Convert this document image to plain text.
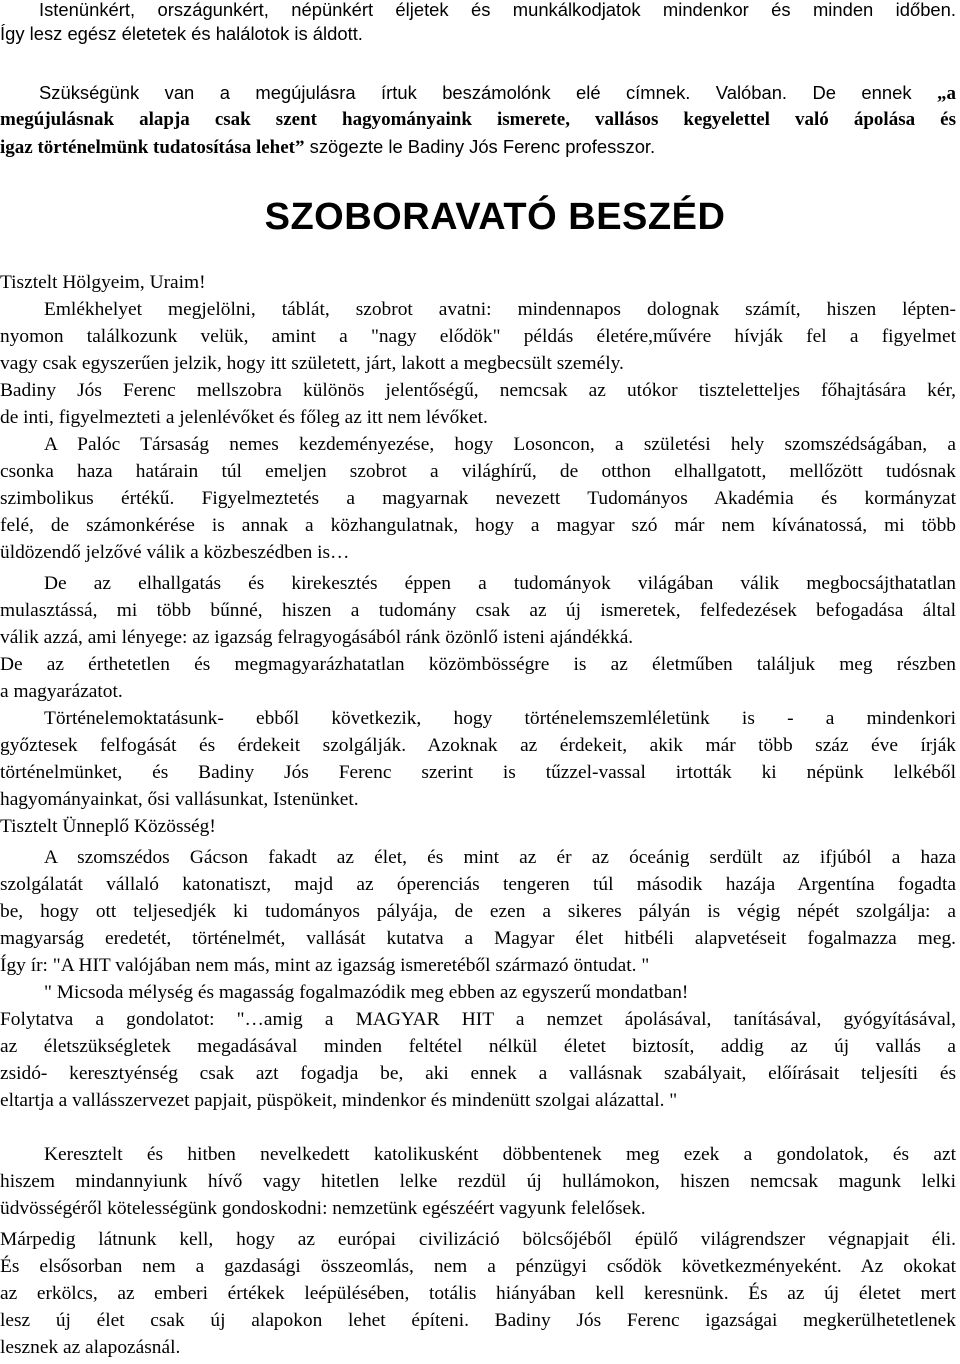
Istenünkért, országunkért, népünkért éljetek és munkálkodjatok mindenkor és minden időben.
Így lesz egész életetek és halálotok is áldott.
Szükségünk van a megújulásra írtuk beszámolónk elé címnek. Valóban. De ennek „a
megújulásnak alapja csak szent hagyományaink ismerete, vallásos kegyelettel való ápolása és
igaz történelmünk tudatosítása lehet” szögezte le Badiny Jós Ferenc professzor.
SZOBORAVATÓ BESZÉD
Tisztelt Hölgyeim, Uraim!
Emlékhelyet megjelölni, táblát, szobrot avatni: mindennapos dolognak számít, hiszen lépten-
nyomon találkozunk velük, amint a "nagy elődök" példás életére,művére hívják fel a figyelmet
vagy csak egyszerűen jelzik, hogy itt született, járt, lakott a megbecsült személy.
Badiny Jós Ferenc mellszobra különös jelentőségű, nemcsak az utókor tiszteletteljes főhajtására kér,
de inti, figyelmezteti a jelenlévőket és főleg az itt nem lévőket.
A Palóc Társaság nemes kezdeményezése, hogy Losoncon, a születési hely szomszédságában, a
csonka haza határain túl emeljen szobrot a világhírű, de otthon elhallgatott, mellőzött tudósnak
szimbolikus értékű. Figyelmeztetés a magyarnak nevezett Tudományos Akadémia és kormányzat
felé, de számonkérése is annak a közhangulatnak, hogy a magyar szó már nem kívánatossá, mi több
üldözendő jelzővé válik a közbeszédben is…
De az elhallgatás és kirekesztés éppen a tudományok világában válik megbocsájthatatlan
mulasztássá, mi több bűnné, hiszen a tudomány csak az új ismeretek, felfedezések befogadása által
válik azzá, ami lényege: az igazság felragyogásából ránk özönlő isteni ajándékká.
De az érthetetlen és megmagyarázhatatlan közömbösségre is az életműben találjuk meg részben
a magyarázatot.
Történelemoktatásunk- ebből következik, hogy történelemszemléletünk is - a mindenkori
győztesek felfogását és érdekeit szolgálják. Azoknak az érdekeit, akik már több száz éve írják
történelmünket, és Badiny Jós Ferenc szerint is tűzzel-vassal irtották ki népünk lelkéből
hagyományainkat, ősi vallásunkat, Istenünket.
Tisztelt Ünneplő Közösség!
A szomszédos Gácson fakadt az élet, és mint az ér az óceánig serdült az ifjúból a haza
szolgálatát vállaló katonatiszt, majd az óperenciás tengeren túl második hazája Argentína fogadta
be, hogy ott teljesedjék ki tudományos pályája, de ezen a sikeres pályán is végig népét szolgálja: a
magyarság eredetét, történelmét, vallását kutatva a Magyar élet hitbéli alapvetéseit fogalmazza meg.
Így ír: "A HIT valójában nem más, mint az igazság ismeretéből származó öntudat. "
" Micsoda mélység és magasság fogalmazódik meg ebben az egyszerű mondatban!
Folytatva a gondolatot: "…amig a MAGYAR HIT a nemzet ápolásával, tanításával, gyógyításával,
az életszükségletek megadásával minden feltétel nélkül életet biztosít, addig az új vallás a
zsidó- keresztyénség csak azt fogadja be, aki ennek a vallásnak szabályait, előírásait teljesíti és
eltartja a vallásszervezet papjait, püspökeit, mindenkor és mindenütt szolgai alázattal. "
Keresztelt és hitben nevelkedett katolikusként döbbentenek meg ezek a gondolatok, és azt
hiszem mindannyiunk hívő vagy hitetlen lelke rezdül új hullámokon, hiszen nemcsak magunk lelki
üdvösségéről kötelességünk gondoskodni: nemzetünk egészéért vagyunk felelősek.
Márpedig látnunk kell, hogy az európai civilizáció bölcsőjéből épülő világrendszer végnapjait éli.
És elsősorban nem a gazdasági összeomlás, nem a pénzügyi csődök következményeként. Az okokat
az erkölcs, az emberi értékek leépülésében, totális hiányában kell keresnünk. És az új életet mert
lesz új élet csak új alapokon lehet építeni. Badiny Jós Ferenc igazságai megkerülhetetlenek
lesznek az alapozásnál.
